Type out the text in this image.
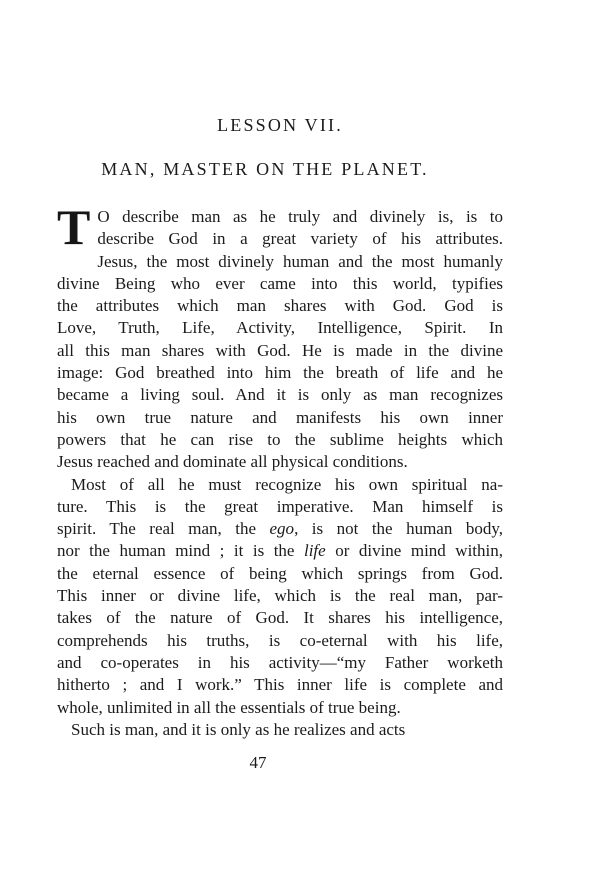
LESSON VII.
MAN, MASTER ON THE PLANET.
T O describe man as he truly and divinely is, is to
describe God in a great variety of his attributes.
Jesus, the most divinely human and the most humanly
divine Being who ever came into this world, typifies
the attributes which man shares with God. God is
Love, Truth, Life, Activity, Intelligence, Spirit. In
all this man shares with God. He is made in the divine
image: God breathed into him the breath of life and he
became a living soul. And it is only as man recognizes
his own true nature and manifests his own inner
powers that he can rise to the sublime heights which
Jesus reached and dominate all physical conditions.
Most of all he must recognize his own spiritual na-
ture. This is the great imperative. Man himself is
spirit. The real man, the ego, is not the human body,
nor the human mind ; it is the life or divine mind within,
the eternal essence of being which springs from God.
This inner or divine life, which is the real man, par-
takes of the nature of God. It shares his intelligence,
comprehends his truths, is co-eternal with his life,
and co-operates in his activity—“my Father worketh
hitherto ; and I work.” This inner life is complete and
whole, unlimited in all the essentials of true being.
Such is man, and it is only as he realizes and acts
47
